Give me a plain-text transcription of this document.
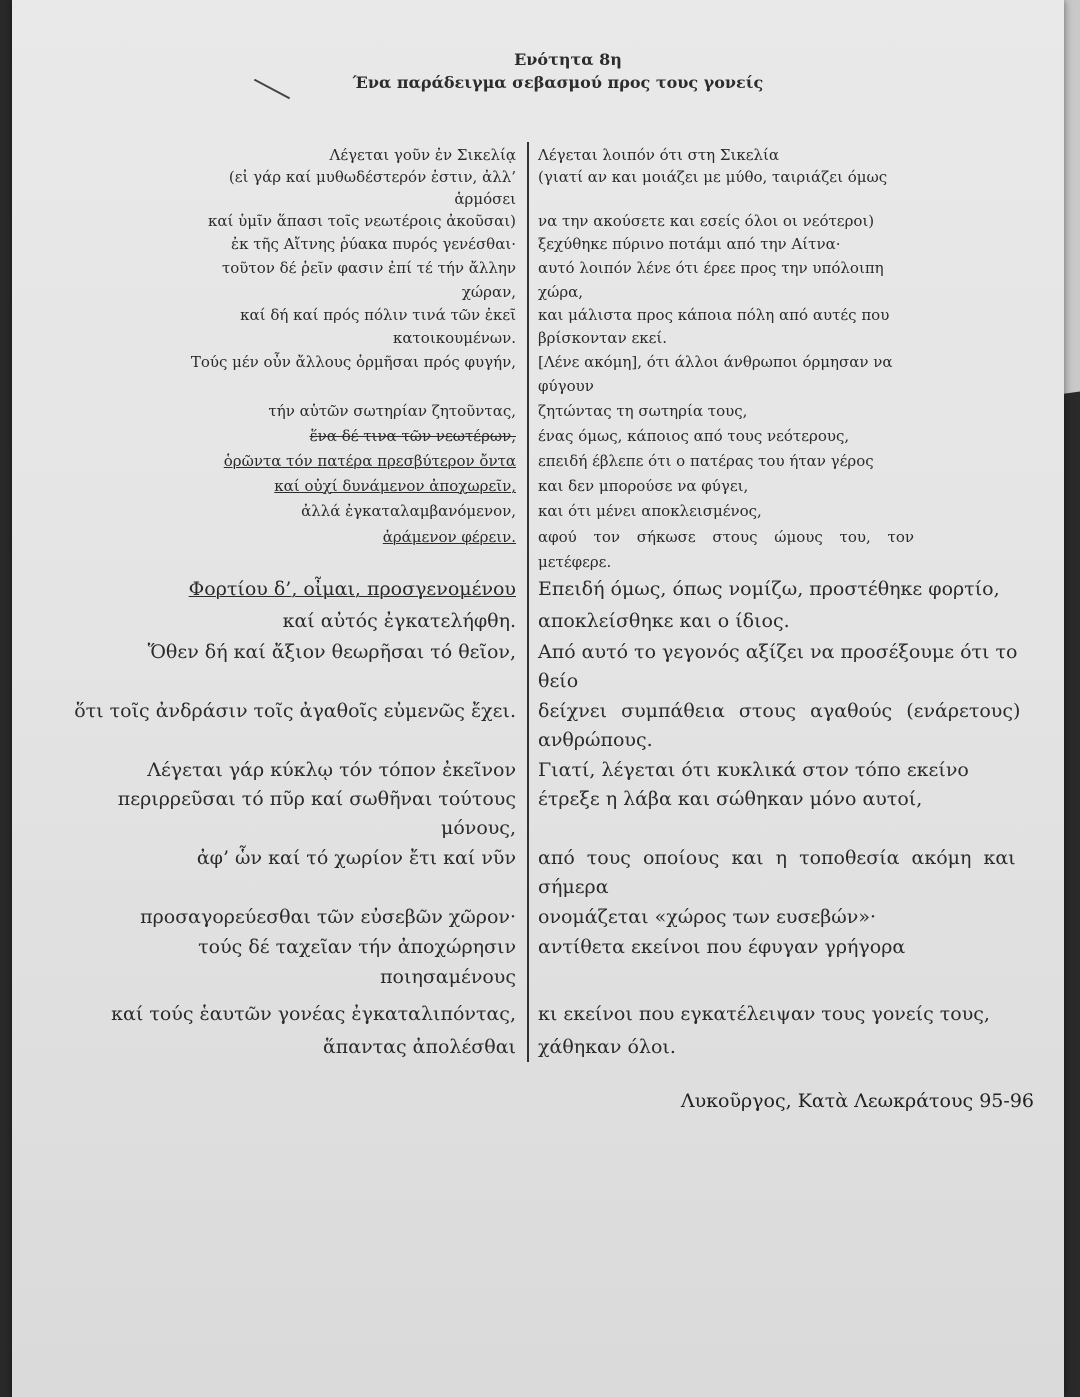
Ενότητα 8η
Ένα παράδειγμα σεβασμού προς τους γονείς
Λέγεται γοῦν ἐν Σικελίᾳ Λέγεται λοιπόν ότι στη Σικελία
(εἰ γάρ καί μυθωδέστερόν ἐστιν, ἀλλ’ (γιατί αν και μοιάζει με μύθο, ταιριάζει όμως
ἁρμόσει
καί ὑμῖν ἅπασι τοῖς νεωτέροις ἀκοῦσαι) να την ακούσετε και εσείς όλοι οι νεότεροι)
ἐκ τῆς Αἴτνης ῥύακα πυρός γενέσθαι· ξεχύθηκε πύρινο ποτάμι από την Αίτνα·
τοῦτον δέ ῥεῖν φασιν ἐπί τέ τήν ἄλλην αυτό λοιπόν λένε ότι έρεε προς την υπόλοιπη
χώραν, χώρα,
καί δή καί πρός πόλιν τινά τῶν ἐκεῖ και μάλιστα προς κάποια πόλη από αυτές που
κατοικουμένων. βρίσκονταν εκεί.
Τούς μέν οὖν ἄλλους ὁρμῆσαι πρός φυγήν, [Λένε ακόμη], ότι άλλοι άνθρωποι όρμησαν να
φύγουν
τήν αὑτῶν σωτηρίαν ζητοῦντας, ζητώντας τη σωτηρία τους,
ἕνα δέ τινα τῶν νεωτέρων, ένας όμως, κάποιος από τους νεότερους,
ὁρῶντα τόν πατέρα πρεσβύτερον ὄντα επειδή έβλεπε ότι ο πατέρας του ήταν γέρος
καί οὐχί δυνάμενον ἀποχωρεῖν, και δεν μπορούσε να φύγει,
ἀλλά ἐγκαταλαμβανόμενον, και ότι μένει αποκλεισμένος,
ἀράμενον φέρειν. αφού τον σήκωσε στους ώμους του, τον
μετέφερε.
Φορτίου δ’, οἶμαι, προσγενομένου Επειδή όμως, όπως νομίζω, προστέθηκε φορτίο,
καί αὐτός ἐγκατελήφθη. αποκλείσθηκε και ο ίδιος.
Ὅθεν δή καί ἄξιον θεωρῆσαι τό θεῖον, Από αυτό το γεγονός αξίζει να προσέξουμε ότι το
θείο
ὅτι τοῖς ἀνδράσιν τοῖς ἀγαθοῖς εὐμενῶς ἔχει. δείχνει συμπάθεια στους αγαθούς (ενάρετους)
ανθρώπους.
Λέγεται γάρ κύκλῳ τόν τόπον ἐκεῖνον Γιατί, λέγεται ότι κυκλικά στον τόπο εκείνο
περιρρεῦσαι τό πῦρ καί σωθῆναι τούτους έτρεξε η λάβα και σώθηκαν μόνο αυτοί,
μόνους,
ἀφ’ ὧν καί τό χωρίον ἔτι καί νῦν από τους οποίους και η τοποθεσία ακόμη και
σήμερα
προσαγορεύεσθαι τῶν εὐσεβῶν χῶρον· ονομάζεται «χώρος των ευσεβών»·
τούς δέ ταχεῖαν τήν ἀποχώρησιν αντίθετα εκείνοι που έφυγαν γρήγορα
ποιησαμένους
καί τούς ἑαυτῶν γονέας ἐγκαταλιπόντας, κι εκείνοι που εγκατέλειψαν τους γονείς τους,
ἅπαντας ἀπολέσθαι χάθηκαν όλοι.
Λυκοῦργος, Κατὰ Λεωκράτους 95-96
